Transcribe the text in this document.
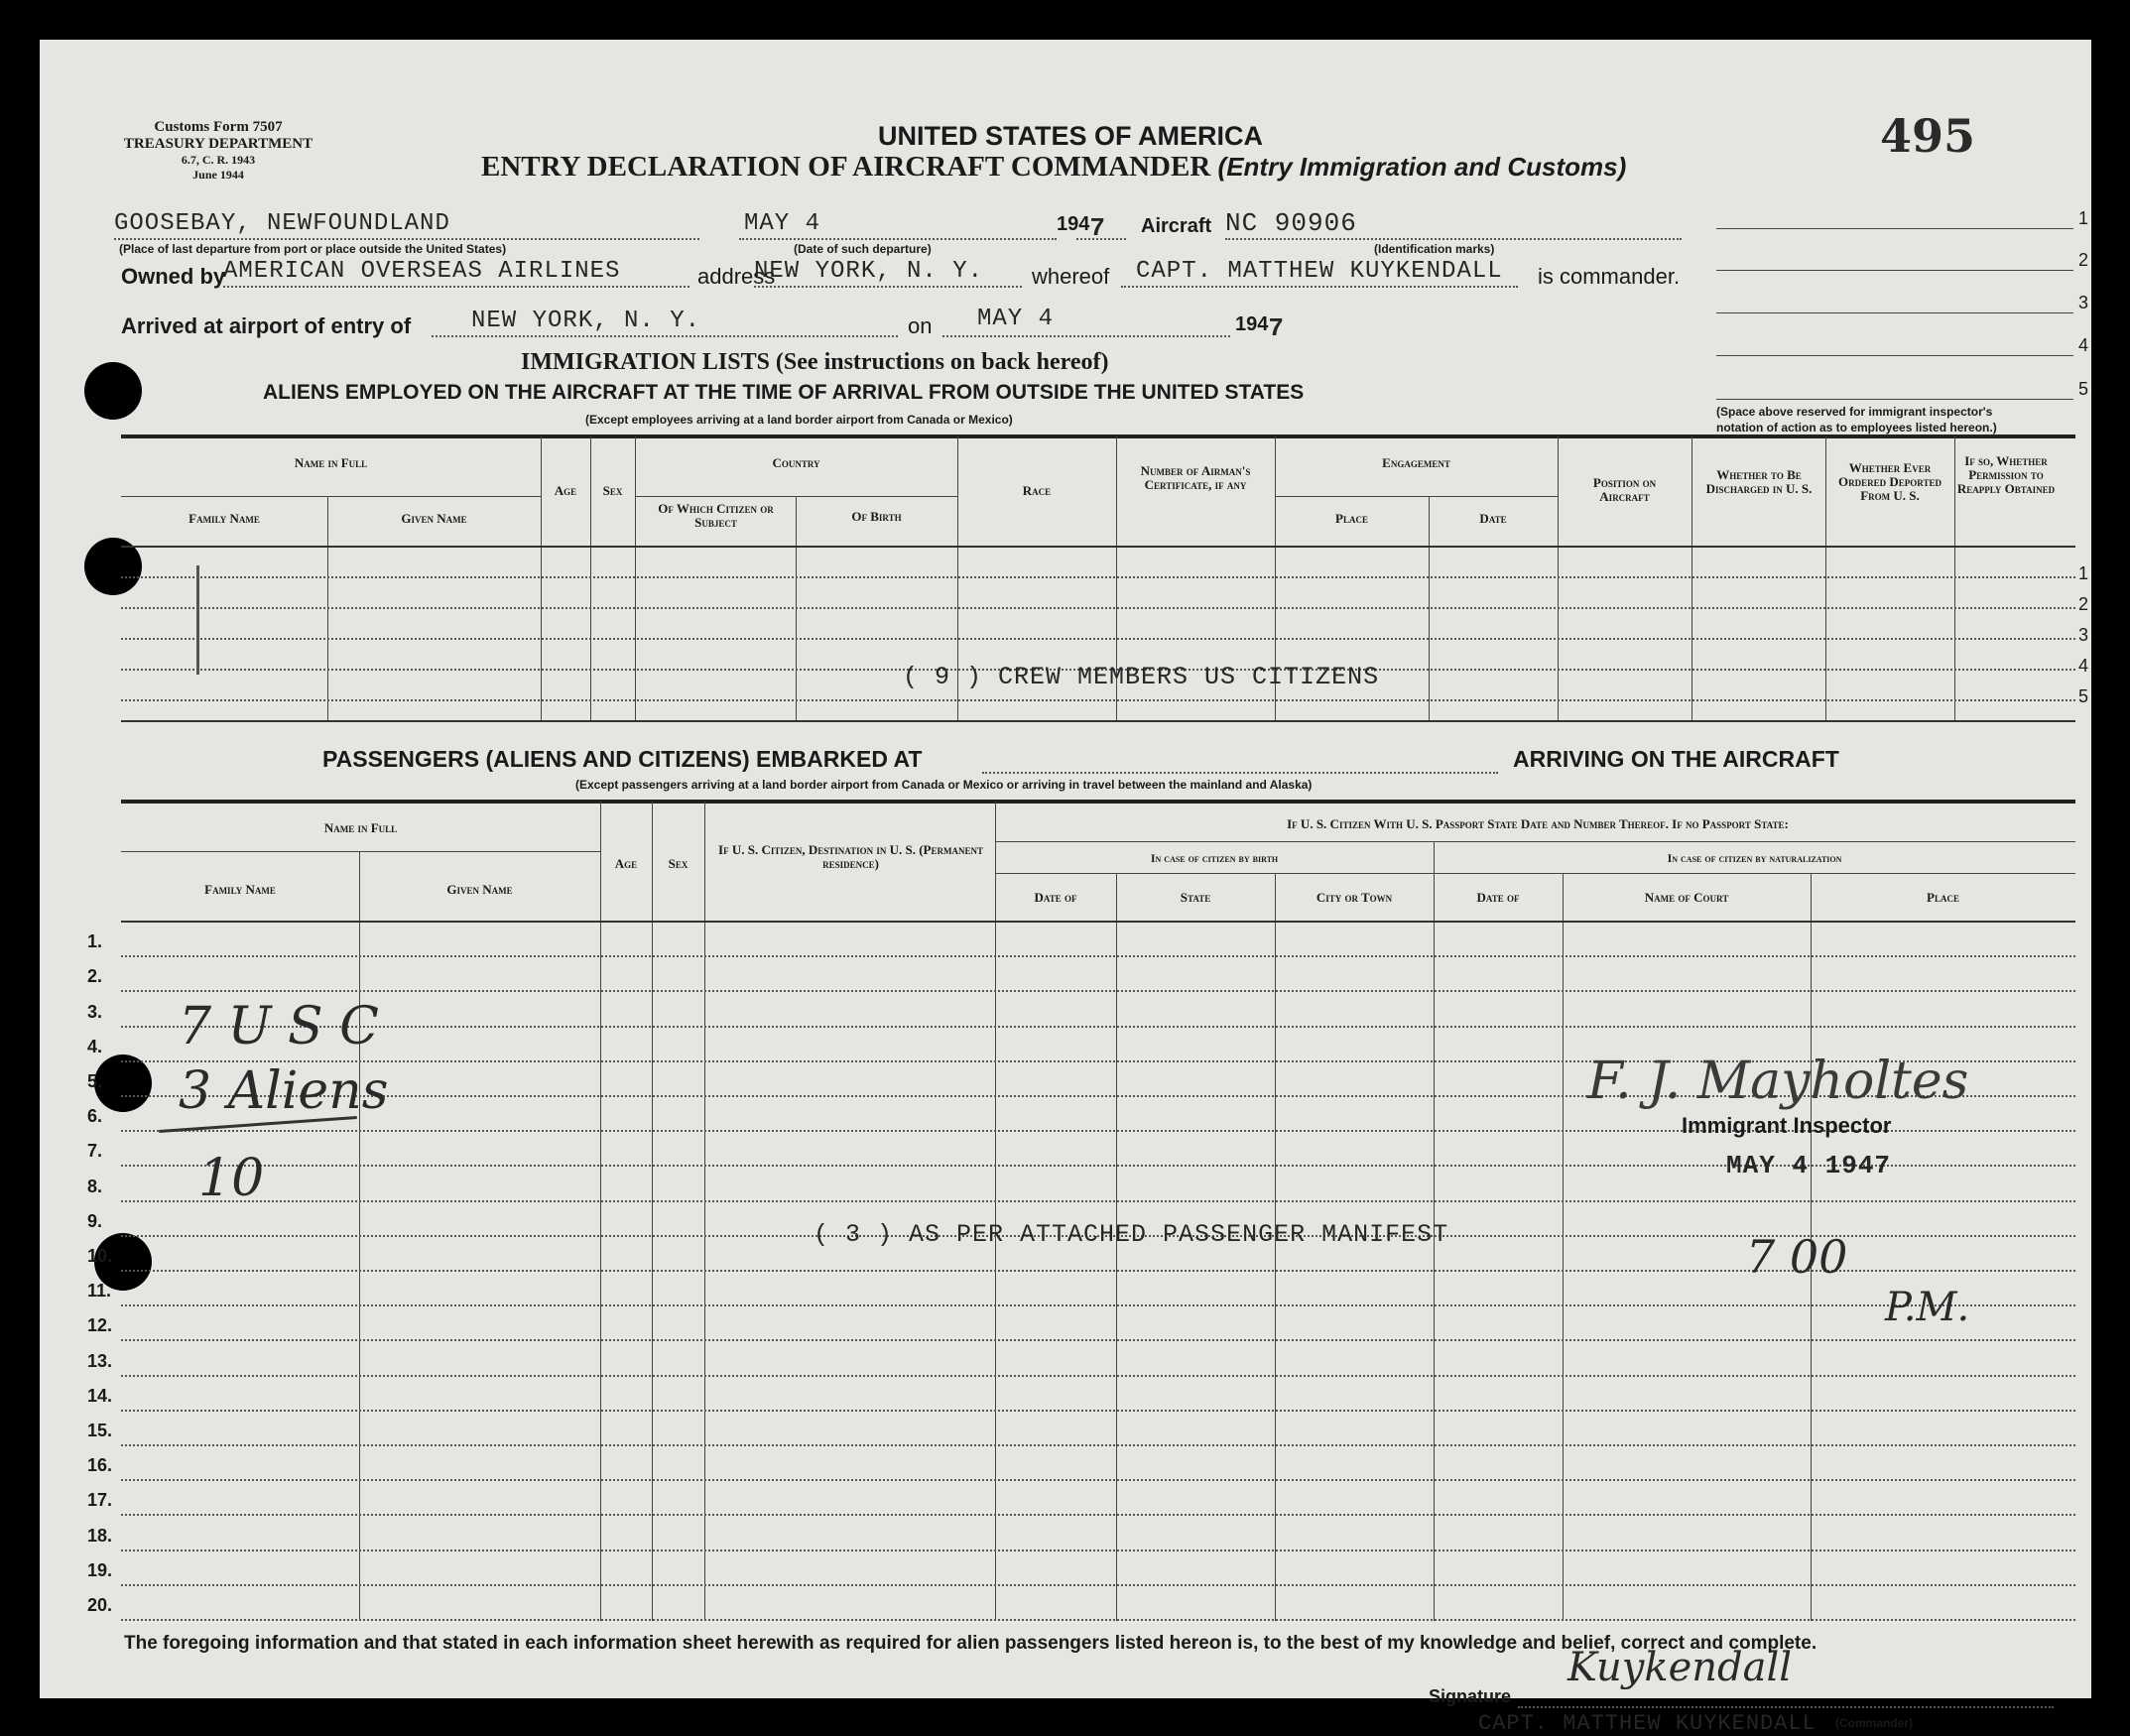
Customs Form 7507
TREASURY DEPARTMENT
6.7, C. R. 1943
June 1944
UNITED STATES OF AMERICA
ENTRY DECLARATION OF AIRCRAFT COMMANDER (Entry Immigration and Customs)
495
GOOSEBAY, NEWFOUNDLAND
(Place of last departure from port or place outside the United States)
MAY 4
(Date of such departure)
1947 Aircraft NC 90906
(Identification marks)
Owned by
AMERICAN OVERSEAS AIRLINES	address
NEW YORK, N. Y. whereof CAPT. MATTHEW KUYKENDALL is commander.
Arrived at airport of entry of	NEW YORK, N. Y.	on MAY 4	1947
1
2
3
4
5
(Space above reserved for immigrant inspector's
notation of action as to employees listed hereon.)
IMMIGRATION LISTS (See instructions on back hereof)
ALIENS EMPLOYED ON THE AIRCRAFT AT THE TIME OF ARRIVAL FROM OUTSIDE THE UNITED STATES
(Except employees arriving at a land border airport from Canada or Mexico)
Name in Full
Family Name	Given Name
Age	Sex
Country
Of Which Citizen or Subject	Of Birth
Race
Number of Airman's Certificate, if any
Engagement
Place	Date
Position on Aircraft
Whether to Be Discharged in U. S.
Whether Ever Ordered Deported From U. S.
If so, Whether Permission to Reapply Obtained
1
2
3
4
5
( 9 ) CREW MEMBERS US CITIZENS
PASSENGERS (ALIENS AND CITIZENS) EMBARKED AT	ARRIVING ON THE AIRCRAFT
(Except passengers arriving at a land border airport from Canada or Mexico or arriving in travel between the mainland and Alaska)
Name in Full
Family Name	Given Name
Age	Sex
If U. S. Citizen, Destination in U. S. (Permanent residence)
If U. S. Citizen With U. S. Passport State Date and Number Thereof. If no Passport State:
In case of citizen by birth	In case of citizen by naturalization
Date of	State	City or Town	Date of	Name of Court	Place
1.
2.
3.
4.
5.
6.
7.
8.
9.
10.
11.
12.
13.
14.
15.
16.
17.
18.
19.
20.
( 3 ) AS PER ATTACHED PASSENGER MANIFEST
7 U S C
3 Aliens
10
F. J. Mayholtes
Immigrant Inspector
MAY 4 1947
7 00
P.M.
The foregoing information and that stated in each information sheet herewith as required for alien passengers listed hereon is, to the best of my knowledge and belief, correct and complete.
Signature
Kuykendall
CAPT. MATTHEW KUYKENDALL (Commander)
